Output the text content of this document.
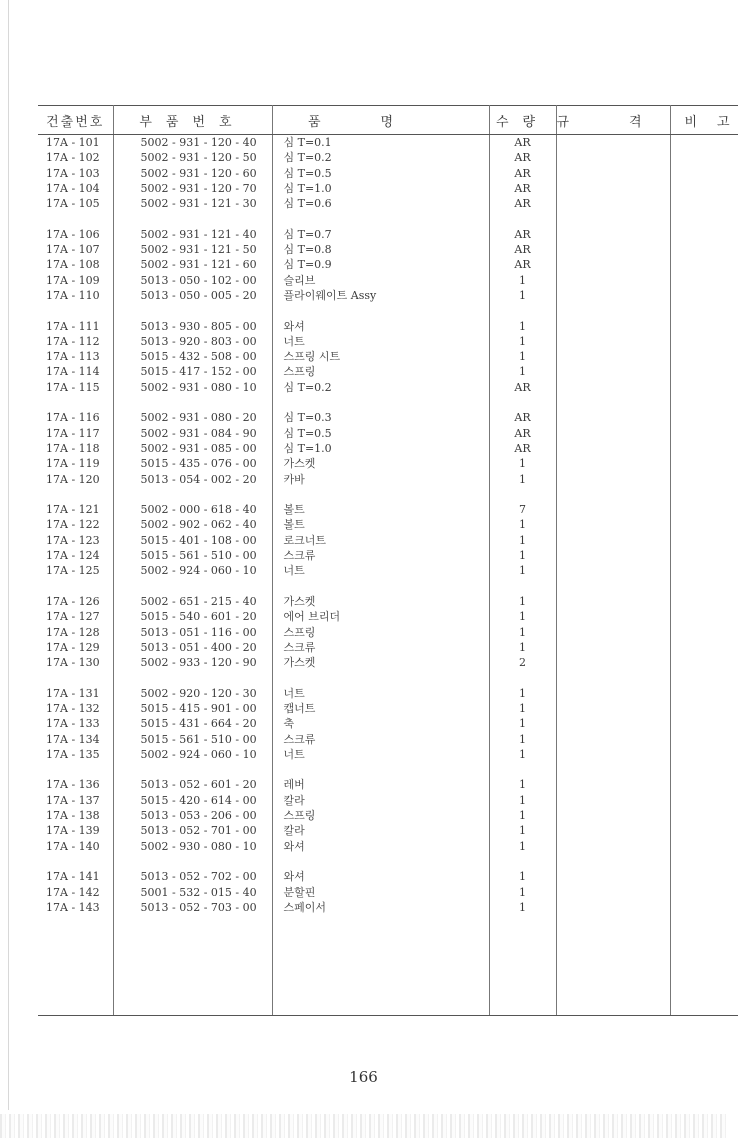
건출번호	부품번호	품명	수량	규격	비고
17A - 101	5002 - 931 - 120 - 40	심 T=0.1	AR		
17A - 102	5002 - 931 - 120 - 50	심 T=0.2	AR		
17A - 103	5002 - 931 - 120 - 60	심 T=0.5	AR		
17A - 104	5002 - 931 - 120 - 70	심 T=1.0	AR		
17A - 105	5002 - 931 - 121 - 30	심 T=0.6	AR		

17A - 106	5002 - 931 - 121 - 40	심 T=0.7	AR		
17A - 107	5002 - 931 - 121 - 50	심 T=0.8	AR		
17A - 108	5002 - 931 - 121 - 60	심 T=0.9	AR		
17A - 109	5013 - 050 - 102 - 00	슬리브	1		
17A - 110	5013 - 050 - 005 - 20	플라이웨이트 Assy	1		

17A - 111	5013 - 930 - 805 - 00	와셔	1		
17A - 112	5013 - 920 - 803 - 00	너트	1		
17A - 113	5015 - 432 - 508 - 00	스프링 시트	1		
17A - 114	5015 - 417 - 152 - 00	스프링	1		
17A - 115	5002 - 931 - 080 - 10	심 T=0.2	AR		

17A - 116	5002 - 931 - 080 - 20	심 T=0.3	AR		
17A - 117	5002 - 931 - 084 - 90	심 T=0.5	AR		
17A - 118	5002 - 931 - 085 - 00	심 T=1.0	AR		
17A - 119	5015 - 435 - 076 - 00	가스켓	1		
17A - 120	5013 - 054 - 002 - 20	카바	1		

17A - 121	5002 - 000 - 618 - 40	볼트	7		
17A - 122	5002 - 902 - 062 - 40	볼트	1		
17A - 123	5015 - 401 - 108 - 00	로크너트	1		
17A - 124	5015 - 561 - 510 - 00	스크류	1		
17A - 125	5002 - 924 - 060 - 10	너트	1		

17A - 126	5002 - 651 - 215 - 40	가스켓	1		
17A - 127	5015 - 540 - 601 - 20	에어 브리더	1		
17A - 128	5013 - 051 - 116 - 00	스프링	1		
17A - 129	5013 - 051 - 400 - 20	스크류	1		
17A - 130	5002 - 933 - 120 - 90	가스켓	2		

17A - 131	5002 - 920 - 120 - 30	너트	1		
17A - 132	5015 - 415 - 901 - 00	캡너트	1		
17A - 133	5015 - 431 - 664 - 20	축	1		
17A - 134	5015 - 561 - 510 - 00	스크류	1		
17A - 135	5002 - 924 - 060 - 10	너트	1		

17A - 136	5013 - 052 - 601 - 20	레버	1		
17A - 137	5015 - 420 - 614 - 00	칼라	1		
17A - 138	5013 - 053 - 206 - 00	스프링	1		
17A - 139	5013 - 052 - 701 - 00	칼라	1		
17A - 140	5002 - 930 - 080 - 10	와셔	1		

17A - 141	5013 - 052 - 702 - 00	와셔	1		
17A - 142	5001 - 532 - 015 - 40	분할핀	1		
17A - 143	5013 - 052 - 703 - 00	스페이서	1		

166
